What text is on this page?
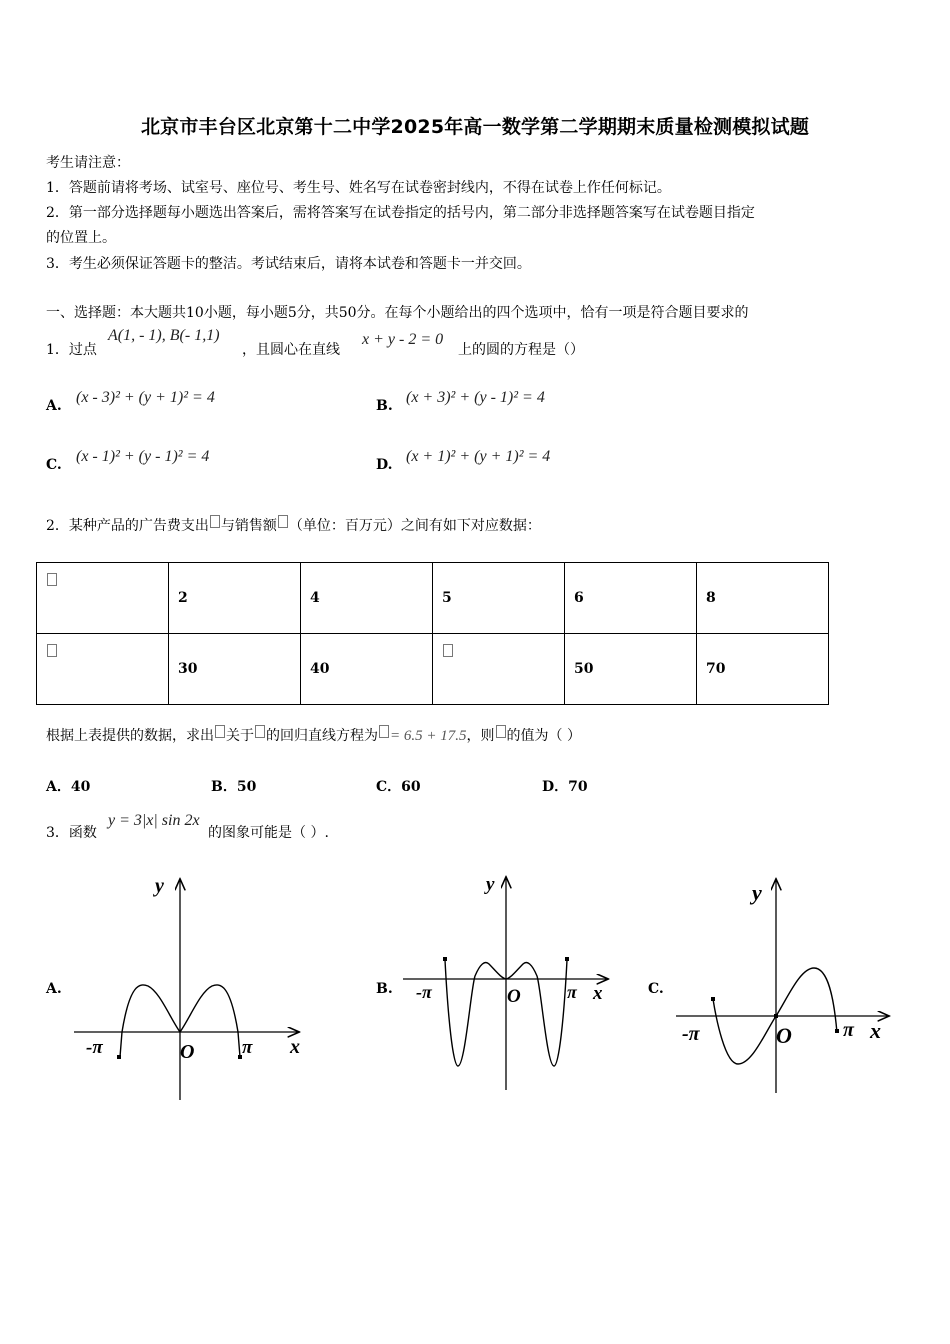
北京市丰台区北京第十二中学2025年高一数学第二学期期末质量检测模拟试题
考生请注意：
1．答题前请将考场、试室号、座位号、考生号、姓名写在试卷密封线内，不得在试卷上作任何标记。
2．第一部分选择题每小题选出答案后，需将答案写在试卷指定的括号内，第二部分非选择题答案写在试卷题目指定
的位置上。
3．考生必须保证答题卡的整洁。考试结束后，请将本试卷和答题卡一并交回。
一、选择题：本大题共10小题，每小题5分，共50分。在每个小题给出的四个选项中，恰有一项是符合题目要求的
1．过点
A(1, - 1), B(- 1,1)
，且圆心在直线
x + y - 2 = 0
上的圆的方程是（）
A. (x - 3)² + (y + 1)² = 4	B. (x + 3)² + (y - 1)² = 4
C. (x - 1)² + (y - 1)² = 4	D. (x + 1)² + (y + 1)² = 4
2．某种产品的广告费支出 与销售额 （单位：百万元）之间有如下对应数据：
	2	4	5	6	8
	30	40		50	70
根据上表提供的数据，求出 关于 的回归直线方程为 = 6.5 + 17.5，则 的值为（ ）
A．40	B．50	C．60	D．70
3．函数
y = 3|x| sin 2x
的图象可能是（ ）.
A.	B.	C.
y
x
O
-π	π
y
x
O
-π	π
y
x
O
-π	π
